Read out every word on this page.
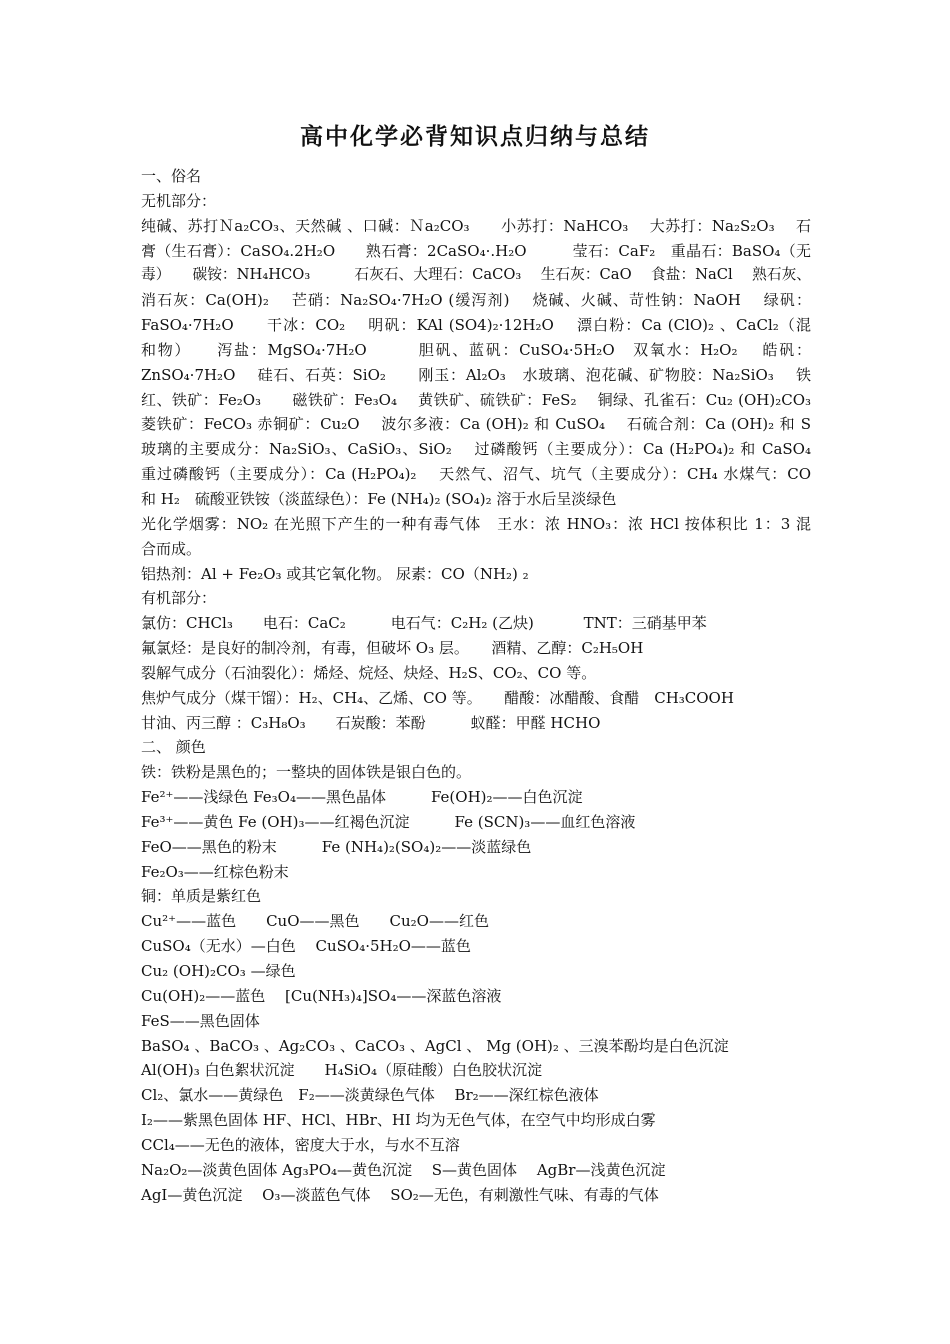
高中化学必背知识点归纳与总结
一、俗名
无机部分：
纯碱、苏打Ｎa₂CO₃、天然碱 、口碱：Ｎa₂CO₃　　小苏打：NaHCO₃　 大苏打：Na₂S₂O₃　 石
膏（生石膏）：CaSO₄.2H₂O　　熟石膏：2CaSO₄·.H₂O　　　莹石：CaF₂　重晶石：BaSO₄（无
毒）　　碳铵：NH₄HCO₃　　　石灰石、大理石：CaCO₃　 生石灰：CaO　 食盐：NaCl　 熟石灰、
消石灰：Ca(OH)₂　 芒硝：Na₂SO₄·7H₂O (缓泻剂)　 烧碱、火碱、苛性钠：NaOH　 绿矾：
FaSO₄·7H₂O　　干冰：CO₂　 明矾：KAl (SO4)₂·12H₂O　 漂白粉：Ca (ClO)₂ 、CaCl₂（混
和物）　　泻盐：MgSO₄·7H₂O　　　胆矾、蓝矾：CuSO₄·5H₂O　双氧水：H₂O₂　 皓矾：
ZnSO₄·7H₂O　 硅石、石英：SiO₂　　刚玉：Al₂O₃　水玻璃、泡花碱、矿物胶：Na₂SiO₃　 铁
红、铁矿：Fe₂O₃　　磁铁矿：Fe₃O₄　 黄铁矿、硫铁矿：FeS₂　 铜绿、孔雀石：Cu₂ (OH)₂CO₃
菱铁矿：FeCO₃ 赤铜矿：Cu₂O　 波尔多液：Ca (OH)₂ 和 CuSO₄　 石硫合剂：Ca (OH)₂ 和 S
玻璃的主要成分：Na₂SiO₃、CaSiO₃、SiO₂　 过磷酸钙（主要成分）：Ca (H₂PO₄)₂ 和 CaSO₄
重过磷酸钙（主要成分）：Ca (H₂PO₄)₂　 天然气、沼气、坑气（主要成分）：CH₄ 水煤气：CO
和 H₂　硫酸亚铁铵（淡蓝绿色）：Fe (NH₄)₂ (SO₄)₂ 溶于水后呈淡绿色
光化学烟雾：NO₂ 在光照下产生的一种有毒气体　王水：浓 HNO₃：浓 HCl 按体积比 1：3 混
合而成。
铝热剂：Al + Fe₂O₃ 或其它氧化物。 尿素：CO（NH₂) ₂
有机部分：
氯仿：CHCl₃　　电石：CaC₂　　　电石气：C₂H₂ (乙炔)　　　 TNT：三硝基甲苯
氟氯烃：是良好的制冷剂，有毒，但破坏 O₃ 层。　　酒精、乙醇：C₂H₅OH
裂解气成分（石油裂化）：烯烃、烷烃、炔烃、H₂S、CO₂、CO 等。
焦炉气成分（煤干馏）：H₂、CH₄、乙烯、CO 等。　　醋酸：冰醋酸、食醋　CH₃COOH
甘油、丙三醇 ：C₃H₈O₃　　石炭酸：苯酚　　　蚁醛：甲醛 HCHO
二、 颜色
铁：铁粉是黑色的；一整块的固体铁是银白色的。
Fe²⁺——浅绿色 Fe₃O₄——黑色晶体　　　Fe(OH)₂——白色沉淀
Fe³⁺——黄色 Fe (OH)₃——红褐色沉淀　　　Fe (SCN)₃——血红色溶液
FeO——黑色的粉末　　　Fe (NH₄)₂(SO₄)₂——淡蓝绿色
Fe₂O₃——红棕色粉末
铜：单质是紫红色
Cu²⁺——蓝色　　CuO——黑色　　Cu₂O——红色
CuSO₄（无水）—白色　 CuSO₄·5H₂O——蓝色
Cu₂ (OH)₂CO₃ —绿色
Cu(OH)₂——蓝色　 [Cu(NH₃)₄]SO₄——深蓝色溶液
FeS——黑色固体
BaSO₄ 、BaCO₃ 、Ag₂CO₃ 、CaCO₃ 、AgCl 、 Mg (OH)₂ 、三溴苯酚均是白色沉淀
Al(OH)₃ 白色絮状沉淀　　H₄SiO₄（原硅酸）白色胶状沉淀
Cl₂、氯水——黄绿色　F₂——淡黄绿色气体　 Br₂——深红棕色液体
I₂——紫黑色固体 HF、HCl、HBr、HI 均为无色气体，在空气中均形成白雾
CCl₄——无色的液体，密度大于水，与水不互溶
Na₂O₂—淡黄色固体 Ag₃PO₄—黄色沉淀　 S—黄色固体　 AgBr—浅黄色沉淀
AgI—黄色沉淀　 O₃—淡蓝色气体　 SO₂—无色，有刺激性气味、有毒的气体
